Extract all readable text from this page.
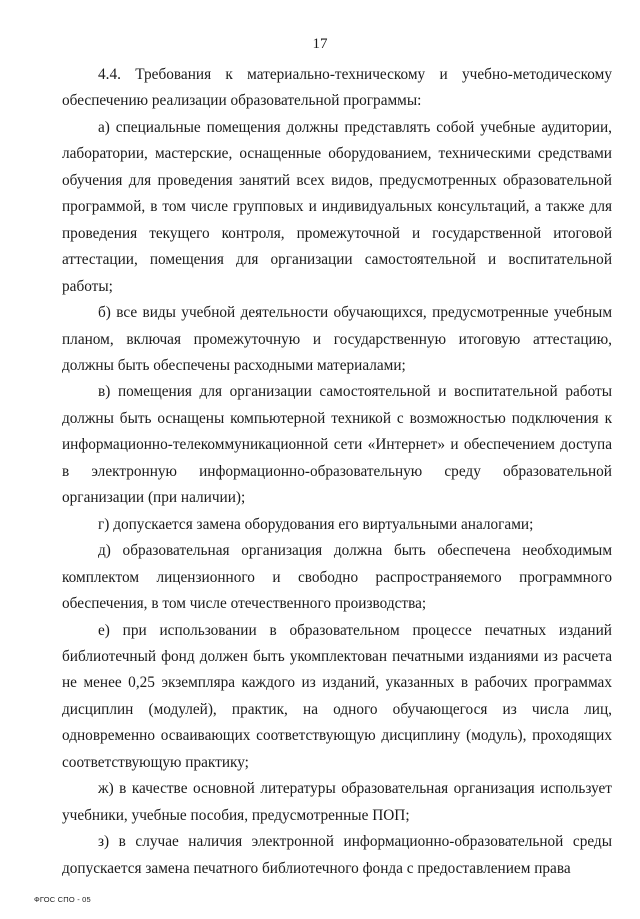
17

4.4. Требования к материально-техническому и учебно-методическому обеспечению реализации образовательной программы:

а) специальные помещения должны представлять собой учебные аудитории, лаборатории, мастерские, оснащенные оборудованием, техническими средствами обучения для проведения занятий всех видов, предусмотренных образовательной программой, в том числе групповых и индивидуальных консультаций, а также для проведения текущего контроля, промежуточной и государственной итоговой аттестации, помещения для организации самостоятельной и воспитательной работы;

б) все виды учебной деятельности обучающихся, предусмотренные учебным планом, включая промежуточную и государственную итоговую аттестацию, должны быть обеспечены расходными материалами;

в) помещения для организации самостоятельной и воспитательной работы должны быть оснащены компьютерной техникой с возможностью подключения к информационно-телекоммуникационной сети «Интернет» и обеспечением доступа в электронную информационно-образовательную среду образовательной организации (при наличии);

г) допускается замена оборудования его виртуальными аналогами;

д) образовательная организация должна быть обеспечена необходимым комплектом лицензионного и свободно распространяемого программного обеспечения, в том числе отечественного производства;

е) при использовании в образовательном процессе печатных изданий библиотечный фонд должен быть укомплектован печатными изданиями из расчета не менее 0,25 экземпляра каждого из изданий, указанных в рабочих программах дисциплин (модулей), практик, на одного обучающегося из числа лиц, одновременно осваивающих соответствующую дисциплину (модуль), проходящих соответствующую практику;

ж) в качестве основной литературы образовательная организация использует учебники, учебные пособия, предусмотренные ПОП;

з) в случае наличия электронной информационно-образовательной среды допускается замена печатного библиотечного фонда с предоставлением права

ФГОС СПО - 05
